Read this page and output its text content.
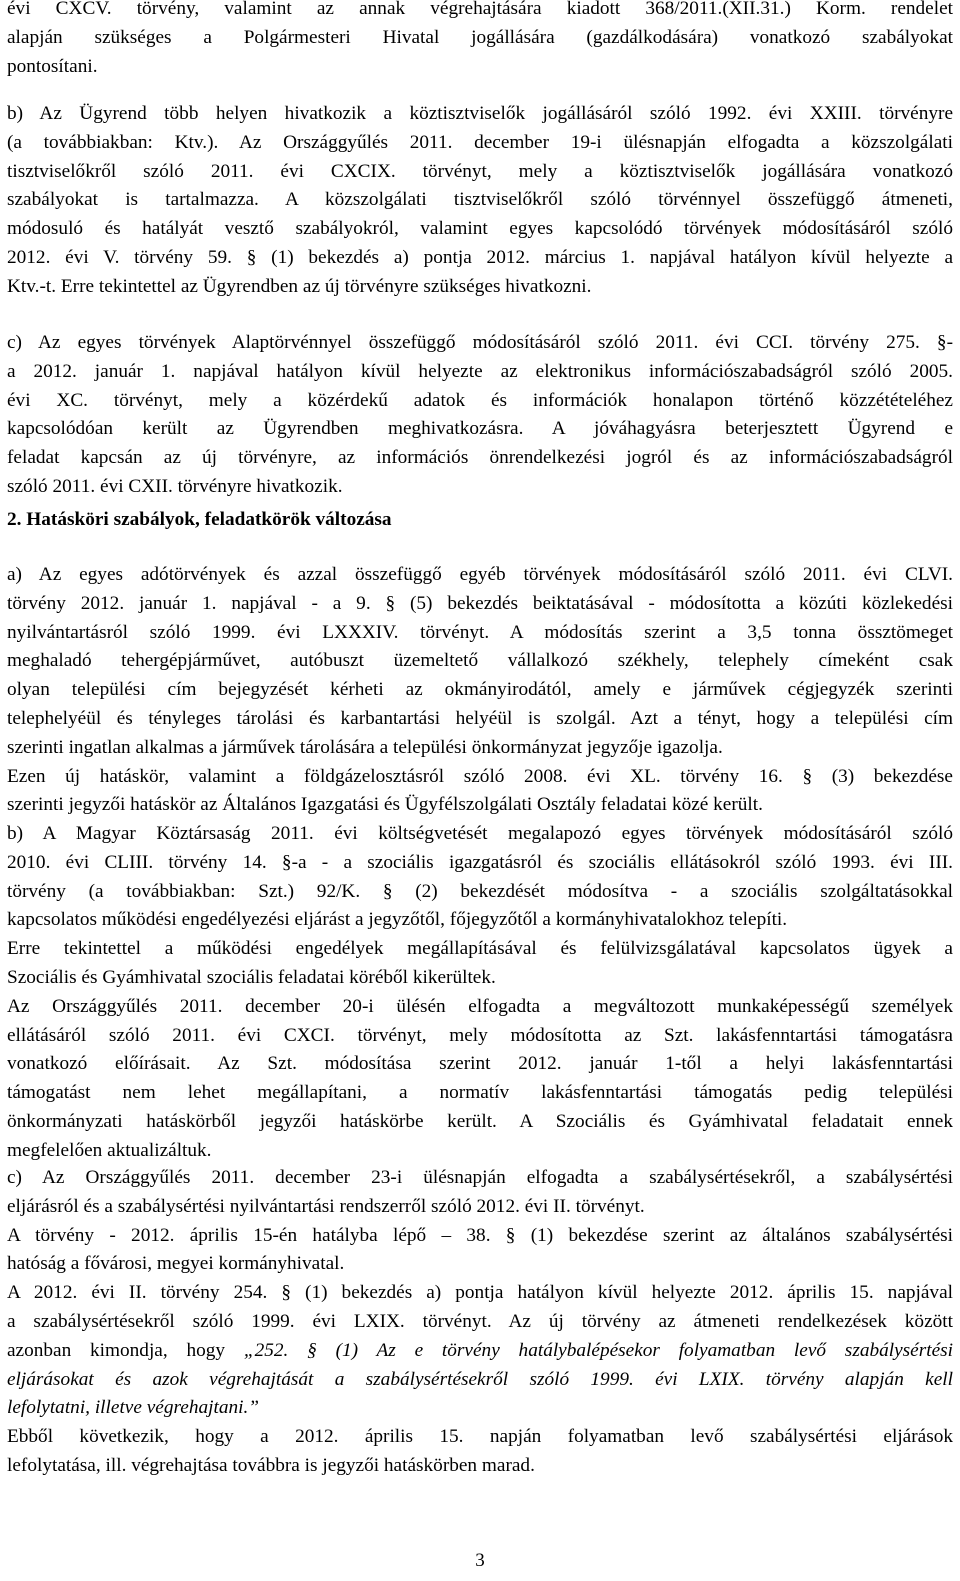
évi CXCV. törvény, valamint az annak végrehajtására kiadott 368/2011.(XII.31.) Korm. rendelet
alapján szükséges a Polgármesteri Hivatal jogállására (gazdálkodására) vonatkozó szabályokat
pontosítani.
b) Az Ügyrend több helyen hivatkozik a köztisztviselők jogállásáról szóló 1992. évi XXIII. törvényre
(a továbbiakban: Ktv.). Az Országgyűlés 2011. december 19-i ülésnapján elfogadta a közszolgálati
tisztviselőkről szóló 2011. évi CXCIX. törvényt, mely a köztisztviselők jogállására vonatkozó
szabályokat is tartalmazza. A közszolgálati tisztviselőkről szóló törvénnyel összefüggő átmeneti,
módosuló és hatályát vesztő szabályokról, valamint egyes kapcsolódó törvények módosításáról szóló
2012. évi V. törvény 59. § (1) bekezdés a) pontja 2012. március 1. napjával hatályon kívül helyezte a
Ktv.-t. Erre tekintettel az Ügyrendben az új törvényre szükséges hivatkozni.
c) Az egyes törvények Alaptörvénnyel összefüggő módosításáról szóló 2011. évi CCI. törvény 275. §-
a 2012. január 1. napjával hatályon kívül helyezte az elektronikus információszabadságról szóló 2005.
évi XC. törvényt, mely a közérdekű adatok és információk honalapon történő közzétételéhez
kapcsolódóan került az Ügyrendben meghivatkozásra. A jóváhagyásra beterjesztett Ügyrend e
feladat kapcsán az új törvényre, az információs önrendelkezési jogról és az információszabadságról
szóló 2011. évi CXII. törvényre hivatkozik.
2. Hatásköri szabályok, feladatkörök változása
a) Az egyes adótörvények és azzal összefüggő egyéb törvények módosításáról szóló 2011. évi CLVI.
törvény 2012. január 1. napjával - a 9. § (5) bekezdés beiktatásával - módosította a közúti közlekedési
nyilvántartásról szóló 1999. évi LXXXIV. törvényt. A módosítás szerint a 3,5 tonna össztömeget
meghaladó tehergépjárművet, autóbuszt üzemeltető vállalkozó székhely, telephely címeként csak
olyan települési cím bejegyzését kérheti az okmányirodától, amely e járművek cégjegyzék szerinti
telephelyéül és tényleges tárolási és karbantartási helyéül is szolgál. Azt a tényt, hogy a települési cím
szerinti ingatlan alkalmas a járművek tárolására a települési önkormányzat jegyzője igazolja.
Ezen új hatáskör, valamint a földgázelosztásról szóló 2008. évi XL. törvény 16. § (3) bekezdése
szerinti jegyzői hatáskör az Általános Igazgatási és Ügyfélszolgálati Osztály feladatai közé került.
b) A Magyar Köztársaság 2011. évi költségvetését megalapozó egyes törvények módosításáról szóló
2010. évi CLIII. törvény 14. §-a - a szociális igazgatásról és szociális ellátásokról szóló 1993. évi III.
törvény (a továbbiakban: Szt.) 92/K. § (2) bekezdését módosítva - a szociális szolgáltatásokkal
kapcsolatos működési engedélyezési eljárást a jegyzőtől, főjegyzőtől a kormányhivatalokhoz telepíti.
Erre tekintettel a működési engedélyek megállapításával és felülvizsgálatával kapcsolatos ügyek a
Szociális és Gyámhivatal szociális feladatai köréből kikerültek.
Az Országgyűlés 2011. december 20-i ülésén elfogadta a megváltozott munkaképességű személyek
ellátásáról szóló 2011. évi CXCI. törvényt, mely módosította az Szt. lakásfenntartási támogatásra
vonatkozó előírásait. Az Szt. módosítása szerint 2012. január 1-től a helyi lakásfenntartási
támogatást nem lehet megállapítani, a normatív lakásfenntartási támogatás pedig települési
önkormányzati hatáskörből jegyzői hatáskörbe került. A Szociális és Gyámhivatal feladatait ennek
megfelelően aktualizáltuk.
c) Az Országgyűlés 2011. december 23-i ülésnapján elfogadta a szabálysértésekről, a szabálysértési
eljárásról és a szabálysértési nyilvántartási rendszerről szóló 2012. évi II. törvényt.
A törvény - 2012. április 15-én hatályba lépő – 38. § (1) bekezdése szerint az általános szabálysértési
hatóság a fővárosi, megyei kormányhivatal.
A 2012. évi II. törvény 254. § (1) bekezdés a) pontja hatályon kívül helyezte 2012. április 15. napjával
a szabálysértésekről szóló 1999. évi LXIX. törvényt. Az új törvény az átmeneti rendelkezések között
azonban kimondja, hogy „252. § (1) Az e törvény hatálybalépésekor folyamatban levő szabálysértési
eljárásokat és azok végrehajtását a szabálysértésekről szóló 1999. évi LXIX. törvény alapján kell
lefolytatni, illetve végrehajtani.”
Ebből következik, hogy a 2012. április 15. napján folyamatban levő szabálysértési eljárások
lefolytatása, ill. végrehajtása továbbra is jegyzői hatáskörben marad.
3
